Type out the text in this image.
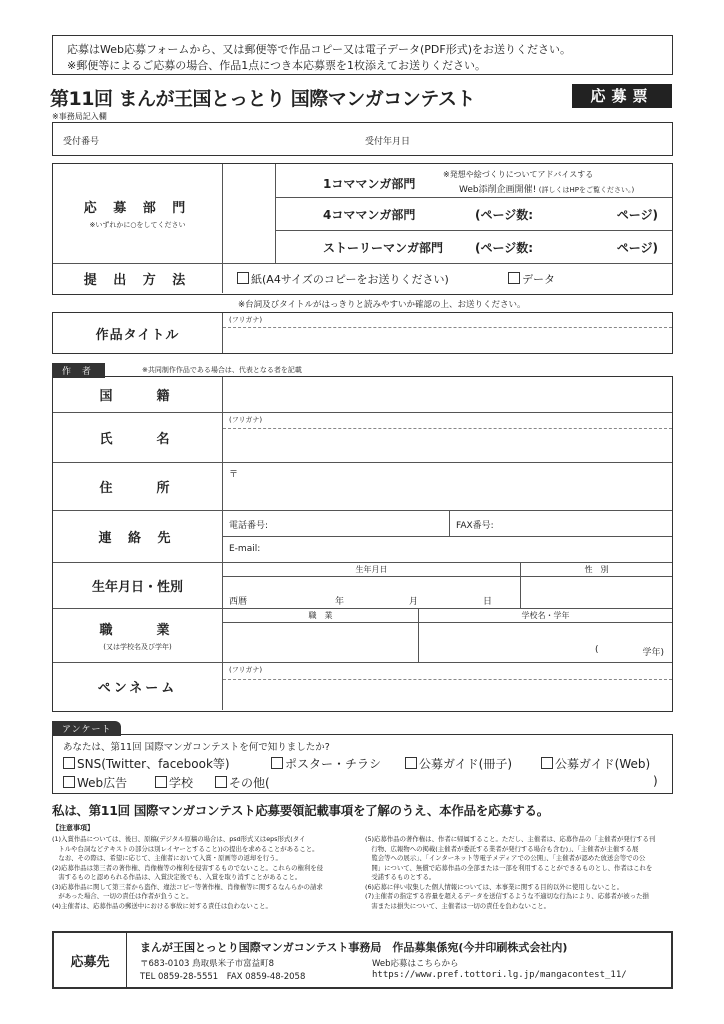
応募はWeb応募フォームから、又は郵便等で作品コピー又は電子データ(PDF形式)をお送りください。
※郵便等によるご応募の場合、作品1点につき本応募票を1枚添えてお送りください。
第11回 まんが王国とっとり 国際マンガコンテスト	応募票
※事務局記入欄
受付番号	受付年月日
応 募 部 門
※いずれかに○をしてください
1コママンガ部門
※発想や絵づくりについてアドバイスする
Web添削企画開催! (詳しくはHPをご覧ください。)
4コママンガ部門	(ページ数:	ページ)
ストーリーマンガ部門	(ページ数:	ページ)
提 出 方 法	紙(A4サイズのコピーをお送りください)	データ
※台詞及びタイトルがはっきりと読みやすいか確認の上、お送りください。
作品タイトル
(フリガナ)
作 者	※共同制作作品である場合は、代表となる者を記載
国　　籍
氏　　名
(フリガナ)
住　　所
〒
連 絡 先
電話番号:	FAX番号:
E-mail:
生年月日・性別
生年月日	性　別
西暦	年	月	日
職　　業
(又は学校名及び学年)
職　業	学校名・学年
(	学年)
ペンネーム
(フリガナ)
アンケート
あなたは、第11回 国際マンガコンテストを何で知りましたか?
SNS(Twitter、facebook等)	ポスター・チラシ	公募ガイド(冊子)	公募ガイド(Web)
Web広告	学校	その他(	)
私は、第11回 国際マンガコンテスト応募要領記載事項を了解のうえ、本作品を応募する。
【注意事項】
(1)入賞作品については、後日、原稿(デジタル原稿の場合は、psd形式又はeps形式(タイ
　トルや台詞などテキストの部分は別レイヤーとすること))の提出を求めることがあること。
　なお、その際は、希望に応じて、主催者において入賞・原画等の返却を行う。
(2)応募作品は第三者の著作権、肖像権等の権利を侵害するものでないこと。これらの権利を侵
　害するものと認められる作品は、入賞決定後でも、入賞を取り消すことがあること。
(3)応募作品に関して第三者から盗作、違法コピー等著作権、肖像権等に関するなんらかの請求
　があった場合、一切の責任は作者が負うこと。
(4)主催者は、応募作品の郵送中における事故に対する責任は負わないこと。
(5)応募作品の著作権は、作者に帰属すること。ただし、主催者は、応募作品の「主催者が発行する刊
　行物、広報物への掲載(主催者が委託する業者が発行する場合も含む)」、「主催者が主催する展
　覧会等への展示」、「インターネット等電子メディアでの公開」、「主催者が認めた放送会等での公
　開」について、無償で応募作品の全部または一部を利用することができるものとし、作者はこれを
　受諾するものとする。
(6)応募に伴い収集した個人情報については、本事業に関する目的以外に使用しないこと。
(7)主催者の指定する容量を超えるデータを送信するような不適切な行為により、応募者が被った損
　害または損失について、主催者は一切の責任を負わないこと。
応募先
まんが王国とっとり国際マンガコンテスト事務局　作品募集係宛(今井印刷株式会社内)
〒683-0103 鳥取県米子市富益町8
TEL 0859-28-5551　FAX 0859-48-2058
Web応募はこちらから
https://www.pref.tottori.lg.jp/mangacontest_11/
